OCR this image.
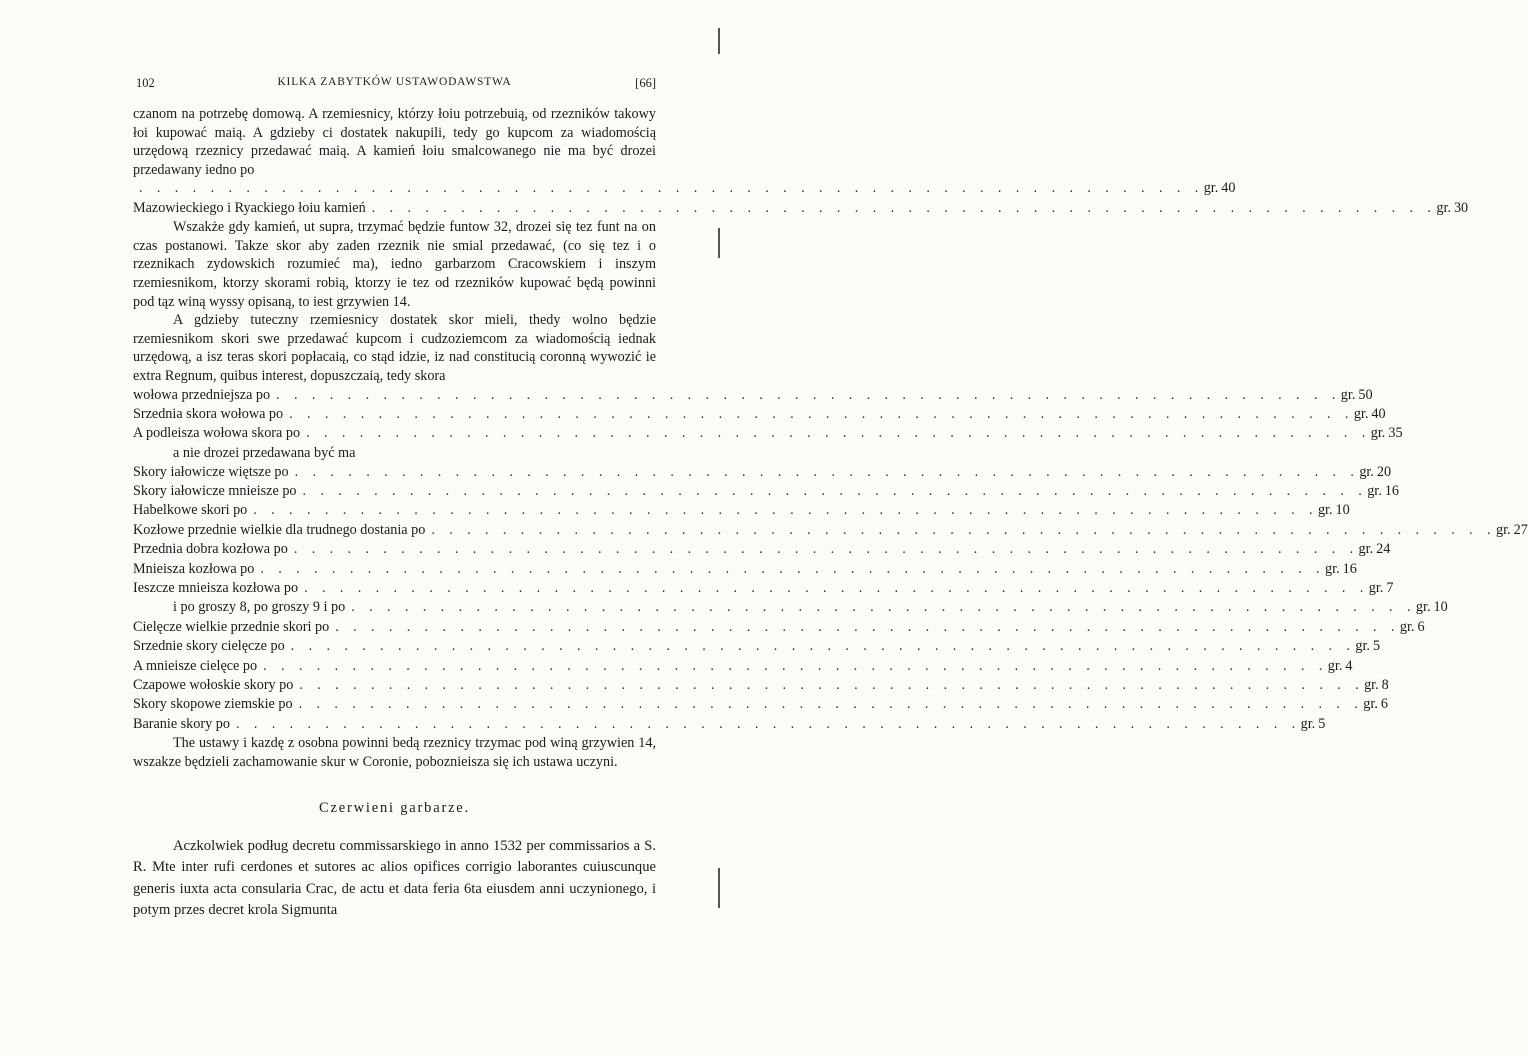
102	KILKA ZABYTKÓW USTAWODAWSTWA	[66]

czanom na potrzebę domową. A rzemiesnicy, którzy łoiu potrzebuią, od rzezników takowy łoi kupować maią. A gdzieby ci dostatek nakupili, tedy go kupcom za wiadomością urzędową rzeznicy przedawać maią. A kamień łoiu smalcowanego nie ma być drozei przedawany iedno po

. . . . . . . . . . . . . . . . . . . . . . . . . . . . . . . . . . . . . . . . . . . . . . . . . . . . . . . . . . . . gr. 40
Mazowieckiego i Ryackiego łoiu kamień . . . . . . . . . . . . . . . . . . . . . . . . . . . . . . . . . . . . . . . . . . . . . . . . . . . . . . . . . . . . gr. 30

Wszakże gdy kamień, ut supra, trzymać będzie funtow 32, drozei się tez funt na on czas postanowi. Takze skor aby zaden rzeznik nie smial przedawać, (co się tez i o rzeznikach zydowskich rozumieć ma), iedno garbarzom Cracowskiem i inszym rzemiesnikom, ktorzy skorami robią, ktorzy ie tez od rzezników kupować będą powinni pod tąz winą wyssy opisaną, to iest grzywien 14.

A gdzieby tuteczny rzemiesnicy dostatek skor mieli, thedy wolno będzie rzemiesnikom skori swe przedawać kupcom i cudzoziemcom za wiadomością iednak urzędową, a isz teras skori popłacaią, co stąd idzie, iz nad constitucią coronną wywozić ie extra Regnum, quibus interest, dopuszczaią, tedy skora

wołowa przedniejsza po . . . . . . . . . . . . . . . . . . . . . . . . . . . . . . . . . . . . . . . . . . . . . . . . . . . . . . . . . . . . gr. 50
Srzednia skora wołowa po . . . . . . . . . . . . . . . . . . . . . . . . . . . . . . . . . . . . . . . . . . . . . . . . . . . . . . . . . . . . gr. 40
A podleisza wołowa skora po . . . . . . . . . . . . . . . . . . . . . . . . . . . . . . . . . . . . . . . . . . . . . . . . . . . . . . . . . . . . gr. 35
a nie drozei przedawana być ma
Skory iałowicze więtsze po . . . . . . . . . . . . . . . . . . . . . . . . . . . . . . . . . . . . . . . . . . . . . . . . . . . . . . . . . . . . gr. 20
Skory iałowicze mnieisze po . . . . . . . . . . . . . . . . . . . . . . . . . . . . . . . . . . . . . . . . . . . . . . . . . . . . . . . . . . . . gr. 16
Habelkowe skori po . . . . . . . . . . . . . . . . . . . . . . . . . . . . . . . . . . . . . . . . . . . . . . . . . . . . . . . . . . . . gr. 10
Kozłowe przednie wielkie dla trudnego dostania po . . . . . . . . . . . . . . . . . . . . . . . . . . . . . . . . . . . . . . . . . . . . . . . . . . . . . . . . . . . . gr. 27
Przednia dobra kozłowa po . . . . . . . . . . . . . . . . . . . . . . . . . . . . . . . . . . . . . . . . . . . . . . . . . . . . . . . . . . . . gr. 24
Mnieisza kozłowa po . . . . . . . . . . . . . . . . . . . . . . . . . . . . . . . . . . . . . . . . . . . . . . . . . . . . . . . . . . . . gr. 16
Ieszcze mnieisza kozłowa po . . . . . . . . . . . . . . . . . . . . . . . . . . . . . . . . . . . . . . . . . . . . . . . . . . . . . . . . . . . . gr. 7
i po groszy 8, po groszy 9 i po . . . . . . . . . . . . . . . . . . . . . . . . . . . . . . . . . . . . . . . . . . . . . . . . . . . . . . . . . . . . gr. 10
Cielęcze wielkie przednie skori po . . . . . . . . . . . . . . . . . . . . . . . . . . . . . . . . . . . . . . . . . . . . . . . . . . . . . . . . . . . . gr. 6
Srzednie skory cielęcze po . . . . . . . . . . . . . . . . . . . . . . . . . . . . . . . . . . . . . . . . . . . . . . . . . . . . . . . . . . . . gr. 5
A mnieisze cielęce po . . . . . . . . . . . . . . . . . . . . . . . . . . . . . . . . . . . . . . . . . . . . . . . . . . . . . . . . . . . . gr. 4
Czapowe wołoskie skory po . . . . . . . . . . . . . . . . . . . . . . . . . . . . . . . . . . . . . . . . . . . . . . . . . . . . . . . . . . . . gr. 8
Skory skopowe ziemskie po . . . . . . . . . . . . . . . . . . . . . . . . . . . . . . . . . . . . . . . . . . . . . . . . . . . . . . . . . . . . gr. 6
Baranie skory po . . . . . . . . . . . . . . . . . . . . . . . . . . . . . . . . . . . . . . . . . . . . . . . . . . . . . . . . . . . . gr. 5

The ustawy i kazdę z osobna powinni bedą rzeznicy trzymac pod winą grzywien 14, wszakze będzieli zachamowanie skur w Coronie, poboznieisza się ich ustawa uczyni.

Czerwieni garbarze.

Aczkolwiek podług decretu commissarskiego in anno 1532 per commissarios a S. R. Mte inter rufi cerdones et sutores ac alios opifices corrigio laborantes cuiuscunque generis iuxta acta consularia Crac, de actu et data feria 6ta eiusdem anni uczynionego, i potym przes decret krola Sigmunta
